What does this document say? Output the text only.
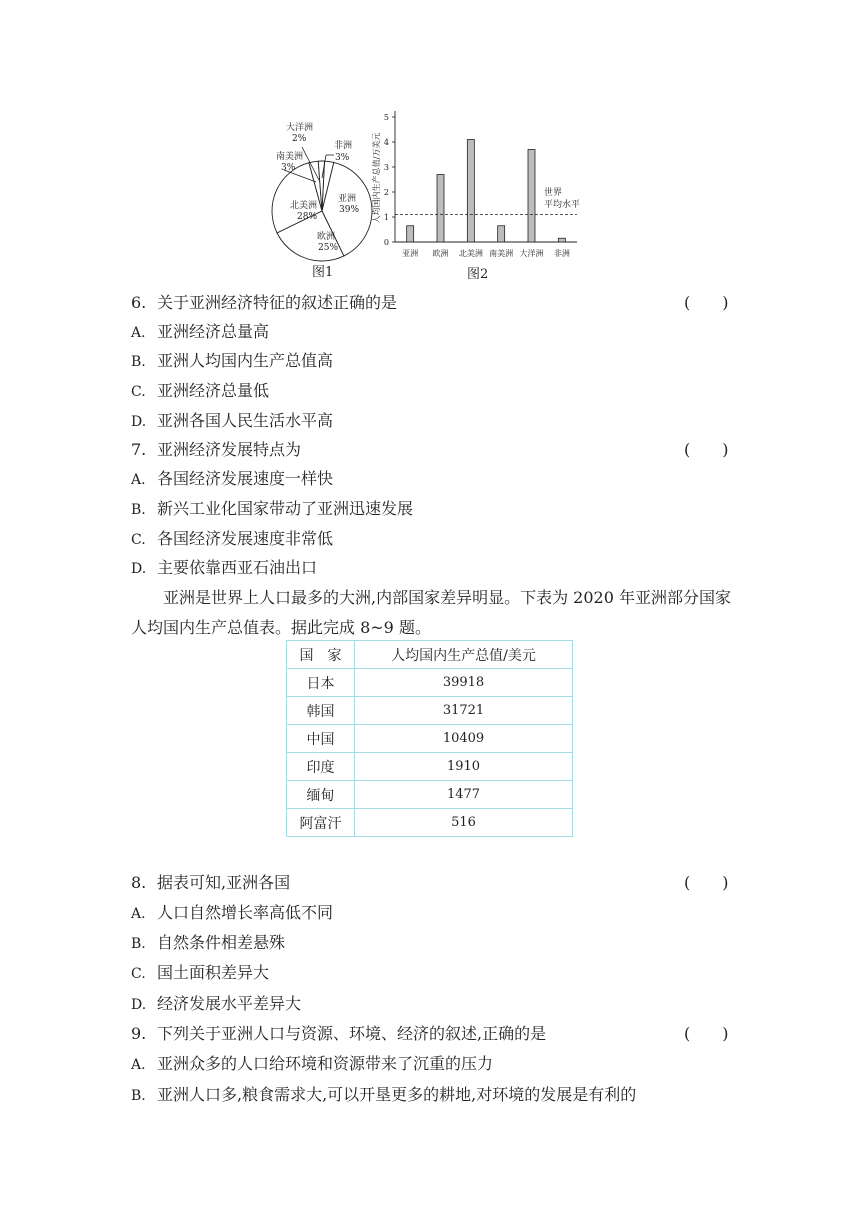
大洋洲
2%
南美洲
3%
非洲
3%
亚洲
39%
北美洲
28%
欧洲
25%
图1
人均国内生产总值/万美元
0
1
2
3
4
5
亚洲 欧洲 北美洲 南美洲 大洋洲 非洲
世界
平均水平
图2
6. 关于亚洲经济特征的叙述正确的是	(　　)
A. 亚洲经济总量高
B. 亚洲人均国内生产总值高
C. 亚洲经济总量低
D. 亚洲各国人民生活水平高
7. 亚洲经济发展特点为	(　　)
A. 各国经济发展速度一样快
B. 新兴工业化国家带动了亚洲迅速发展
C. 各国经济发展速度非常低
D. 主要依靠西亚石油出口
亚洲是世界上人口最多的大洲,内部国家差异明显。下表为 2020 年亚洲部分国家人均国内生产总值表。据此完成 8~9 题。
国　家	人均国内生产总值/美元
日本	39918
韩国	31721
中国	10409
印度	1910
缅甸	1477
阿富汗	516
8. 据表可知,亚洲各国	(　　)
A. 人口自然增长率高低不同
B. 自然条件相差悬殊
C. 国土面积差异大
D. 经济发展水平差异大
9. 下列关于亚洲人口与资源、环境、经济的叙述,正确的是	(　　)
A. 亚洲众多的人口给环境和资源带来了沉重的压力
B. 亚洲人口多,粮食需求大,可以开垦更多的耕地,对环境的发展是有利的
